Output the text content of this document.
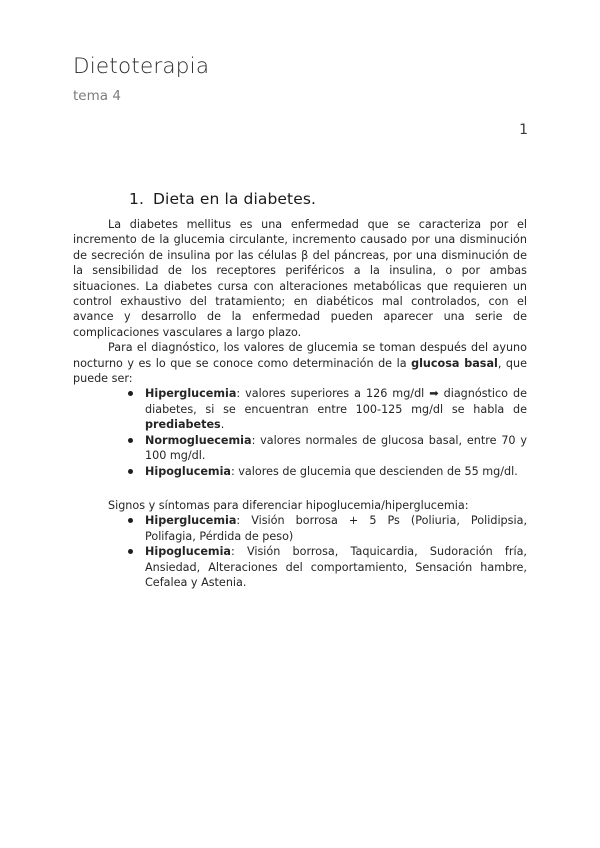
Dietoterapia
tema 4
1
1. Dieta en la diabetes.

La diabetes mellitus es una enfermedad que se caracteriza por el incremento de la glucemia circulante, incremento causado por una disminución de secreción de insulina por las células β del páncreas, por una disminución de la sensibilidad de los receptores periféricos a la insulina, o por ambas situaciones. La diabetes cursa con alteraciones metabólicas que requieren un control exhaustivo del tratamiento; en diabéticos mal controlados, con el avance y desarrollo de la enfermedad pueden aparecer una serie de complicaciones vasculares a largo plazo.

Para el diagnóstico, los valores de glucemia se toman después del ayuno nocturno y es lo que se conoce como determinación de la glucosa basal, que puede ser:

Hiperglucemia: valores superiores a 126 mg/dl ➡ diagnóstico de diabetes, si se encuentran entre 100-125 mg/dl se habla de prediabetes.
Normogluecemia: valores normales de glucosa basal, entre 70 y 100 mg/dl.
Hipoglucemia: valores de glucemia que descienden de 55 mg/dl.

Signos y síntomas para diferenciar hipoglucemia/hiperglucemia:

Hiperglucemia: Visión borrosa + 5 Ps (Poliuria, Polidipsia, Polifagia, Pérdida de peso)
Hipoglucemia: Visión borrosa, Taquicardia, Sudoración fría, Ansiedad, Alteraciones del comportamiento, Sensación hambre, Cefalea y Astenia.
